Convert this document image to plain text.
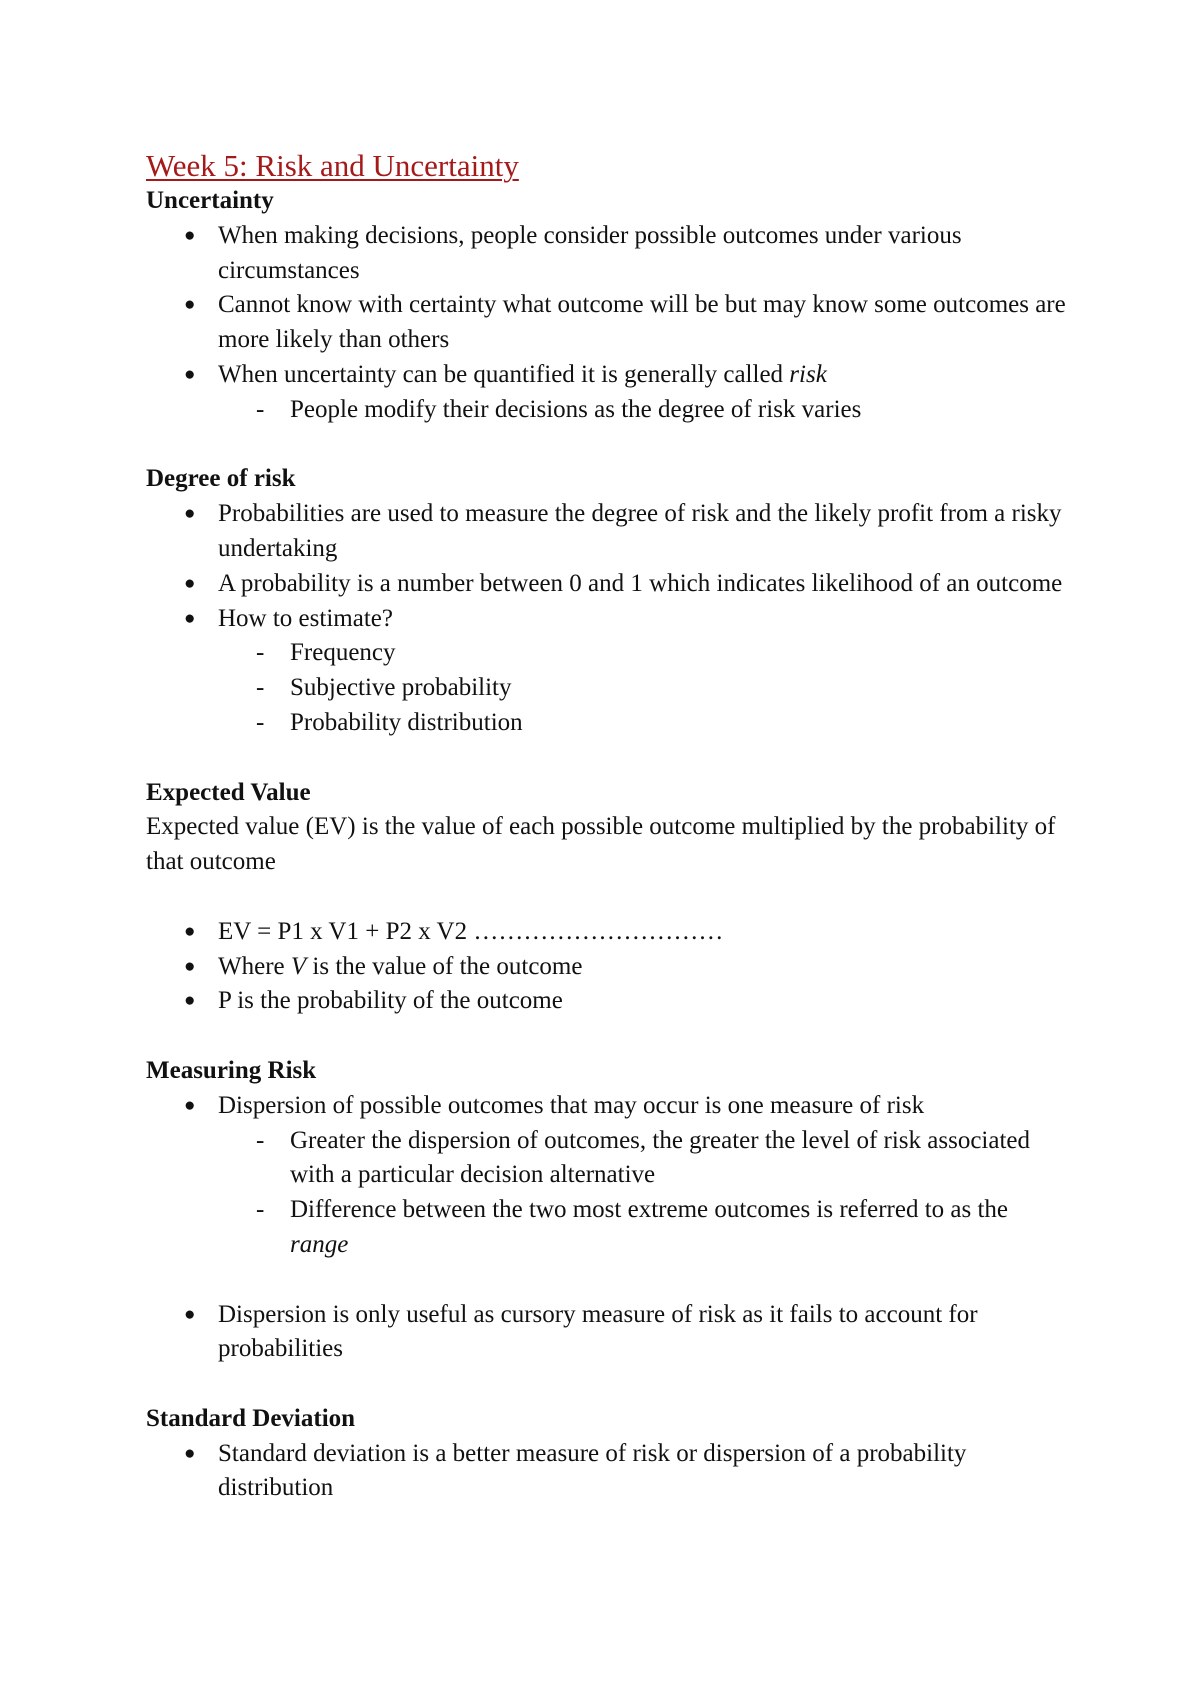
Week 5: Risk and Uncertainty
Uncertainty
● When making decisions, people consider possible outcomes under various circumstances
● Cannot know with certainty what outcome will be but may know some outcomes are more likely than others
● When uncertainty can be quantified it is generally called risk
- People modify their decisions as the degree of risk varies
Degree of risk
● Probabilities are used to measure the degree of risk and the likely profit from a risky undertaking
● A probability is a number between 0 and 1 which indicates likelihood of an outcome
● How to estimate?
- Frequency
- Subjective probability
- Probability distribution
Expected Value
Expected value (EV) is the value of each possible outcome multiplied by the probability of that outcome
● EV = P1 x V1 + P2 x V2 …………………………
● Where V is the value of the outcome
● P is the probability of the outcome
Measuring Risk
● Dispersion of possible outcomes that may occur is one measure of risk
- Greater the dispersion of outcomes, the greater the level of risk associated with a particular decision alternative
- Difference between the two most extreme outcomes is referred to as the range
● Dispersion is only useful as cursory measure of risk as it fails to account for probabilities
Standard Deviation
● Standard deviation is a better measure of risk or dispersion of a probability distribution
